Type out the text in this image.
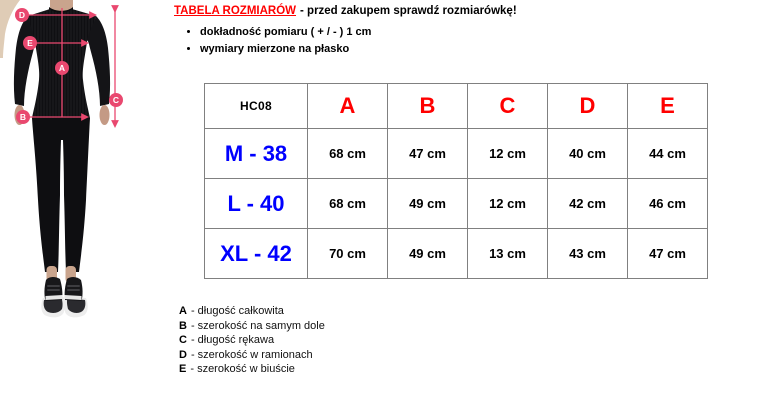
D
E
A
B
C
TABELA ROZMIARÓW - przed zakupem sprawdź rozmiarówkę!
• dokładność pomiaru ( + / - ) 1 cm
• wymiary mierzone na płasko
HC08	A	B	C	D	E
M - 38	68 cm	47 cm	12 cm	40 cm	44 cm
L - 40	68 cm	49 cm	12 cm	42 cm	46 cm
XL - 42	70 cm	49 cm	13 cm	43 cm	47 cm
A - długość całkowita
B - szerokość na samym dole
C - długość rękawa
D - szerokość w ramionach
E - szerokość w biuście
